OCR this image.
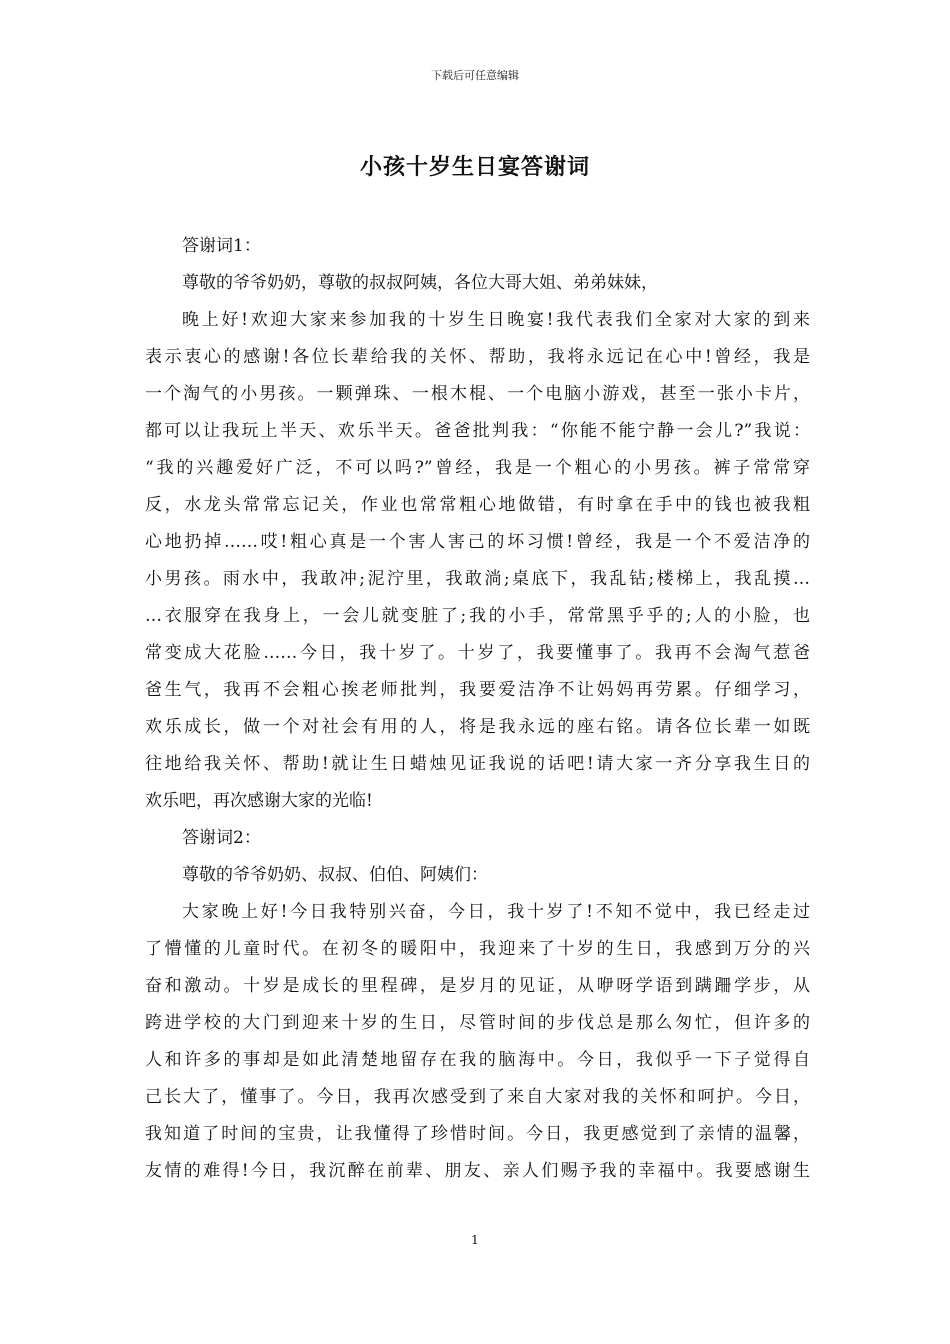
下载后可任意编辑
小孩十岁生日宴答谢词
答谢词1：
尊敬的爷爷奶奶，尊敬的叔叔阿姨，各位大哥大姐、弟弟妹妹，
晚上好!欢迎大家来参加我的十岁生日晚宴!我代表我们全家对大家的到来
表示衷心的感谢!各位长辈给我的关怀、帮助，我将永远记在心中!曾经，我是
一个淘气的小男孩。一颗弹珠、一根木棍、一个电脑小游戏，甚至一张小卡片，
都可以让我玩上半天、欢乐半天。爸爸批判我：“你能不能宁静一会儿?”我说：
“我的兴趣爱好广泛，不可以吗?”曾经，我是一个粗心的小男孩。裤子常常穿
反，水龙头常常忘记关，作业也常常粗心地做错，有时拿在手中的钱也被我粗
心地扔掉……哎!粗心真是一个害人害己的坏习惯!曾经，我是一个不爱洁净的
小男孩。雨水中，我敢冲;泥泞里，我敢淌;桌底下，我乱钻;楼梯上，我乱摸…
…衣服穿在我身上，一会儿就变脏了;我的小手，常常黑乎乎的;人的小脸，也
常变成大花脸……今日，我十岁了。十岁了，我要懂事了。我再不会淘气惹爸
爸生气，我再不会粗心挨老师批判，我要爱洁净不让妈妈再劳累。仔细学习，
欢乐成长，做一个对社会有用的人，将是我永远的座右铭。请各位长辈一如既
往地给我关怀、帮助!就让生日蜡烛见证我说的话吧!请大家一齐分享我生日的
欢乐吧，再次感谢大家的光临!
答谢词2：
尊敬的爷爷奶奶、叔叔、伯伯、阿姨们：
大家晚上好!今日我特别兴奋，今日，我十岁了!不知不觉中，我已经走过
了懵懂的儿童时代。在初冬的暖阳中，我迎来了十岁的生日，我感到万分的兴
奋和激动。十岁是成长的里程碑，是岁月的见证，从咿呀学语到蹒跚学步，从
跨进学校的大门到迎来十岁的生日，尽管时间的步伐总是那么匆忙，但许多的
人和许多的事却是如此清楚地留存在我的脑海中。今日，我似乎一下子觉得自
己长大了，懂事了。今日，我再次感受到了来自大家对我的关怀和呵护。今日，
我知道了时间的宝贵，让我懂得了珍惜时间。今日，我更感觉到了亲情的温馨，
友情的难得!今日，我沉醉在前辈、朋友、亲人们赐予我的幸福中。我要感谢生
1
